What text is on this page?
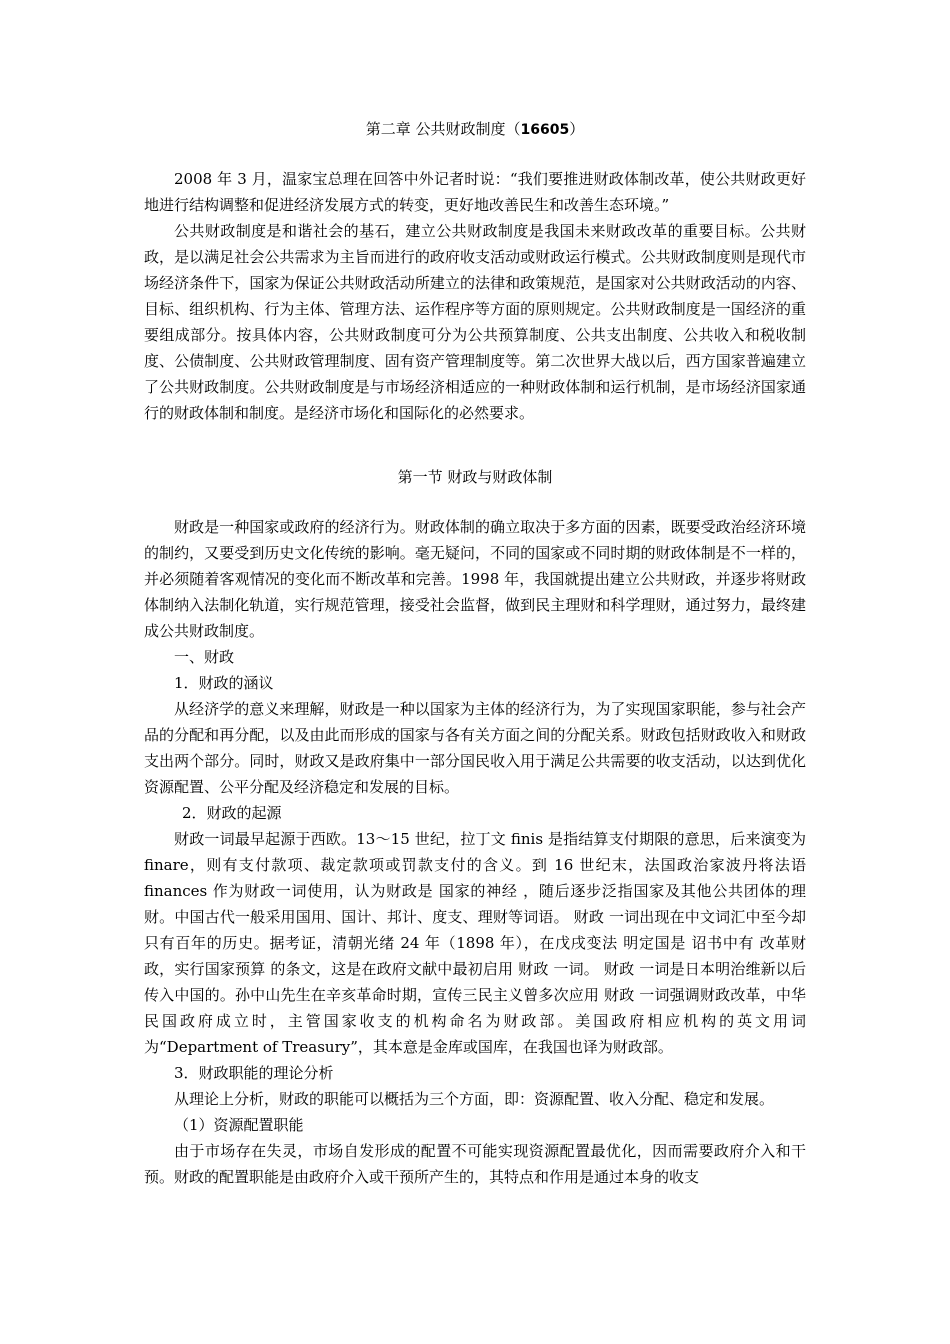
第二章 公共财政制度（16605）

2008 年 3 月，温家宝总理在回答中外记者时说：“我们要推进财政体制改革，使公共财政更好地进行结构调整和促进经济发展方式的转变，更好地改善民生和改善生态环境。”

公共财政制度是和谐社会的基石，建立公共财政制度是我国未来财政改革的重要目标。公共财政，是以满足社会公共需求为主旨而进行的政府收支活动或财政运行模式。公共财政制度则是现代市场经济条件下，国家为保证公共财政活动所建立的法律和政策规范，是国家对公共财政活动的内容、目标、组织机构、行为主体、管理方法、运作程序等方面的原则规定。公共财政制度是一国经济的重要组成部分。按具体内容，公共财政制度可分为公共预算制度、公共支出制度、公共收入和税收制度、公债制度、公共财政管理制度、固有资产管理制度等。第二次世界大战以后，西方国家普遍建立了公共财政制度。公共财政制度是与市场经济相适应的一种财政体制和运行机制，是市场经济国家通行的财政体制和制度。是经济市场化和国际化的必然要求。

第一节 财政与财政体制

财政是一种国家或政府的经济行为。财政体制的确立取决于多方面的因素，既要受政治经济环境的制约，又要受到历史文化传统的影响。毫无疑问，不同的国家或不同时期的财政体制是不一样的，并必须随着客观情况的变化而不断改革和完善。1998 年，我国就提出建立公共财政，并逐步将财政体制纳入法制化轨道，实行规范管理，接受社会监督，做到民主理财和科学理财，通过努力，最终建成公共财政制度。

一、财政

1．财政的涵议

从经济学的意义来理解，财政是一种以国家为主体的经济行为，为了实现国家职能，参与社会产品的分配和再分配，以及由此而形成的国家与各有关方面之间的分配关系。财政包括财政收入和财政支出两个部分。同时，财政又是政府集中一部分国民收入用于满足公共需要的收支活动，以达到优化资源配置、公平分配及经济稳定和发展的目标。

2．财政的起源

财政一词最早起源于西欧。13～15 世纪，拉丁文 finis 是指结算支付期限的意思，后来演变为 finare，则有支付款项、裁定款项或罚款支付的含义。到 16 世纪末，法国政治家波丹将法语 finances 作为财政一词使用，认为财政是 国家的神经 ，随后逐步泛指国家及其他公共团体的理财。中国古代一般采用国用、国计、邦计、度支、理财等词语。 财政 一词出现在中文词汇中至今却只有百年的历史。据考证，清朝光绪 24 年（1898 年），在戊戌变法 明定国是 诏书中有 改革财政，实行国家预算 的条文，这是在政府文献中最初启用 财政 一词。 财政 一词是日本明治维新以后传入中国的。孙中山先生在辛亥革命时期，宣传三民主义曾多次应用 财政 一词强调财政改革，中华民国政府成立时，主管国家收支的机构命名为财政部。美国政府相应机构的英文用词为“Department of Treasury”，其本意是金库或国库，在我国也译为财政部。

3．财政职能的理论分析

从理论上分析，财政的职能可以概括为三个方面，即：资源配置、收入分配、稳定和发展。

（1）资源配置职能

由于市场存在失灵，市场自发形成的配置不可能实现资源配置最优化，因而需要政府介入和干预。财政的配置职能是由政府介入或干预所产生的，其特点和作用是通过本身的收支
